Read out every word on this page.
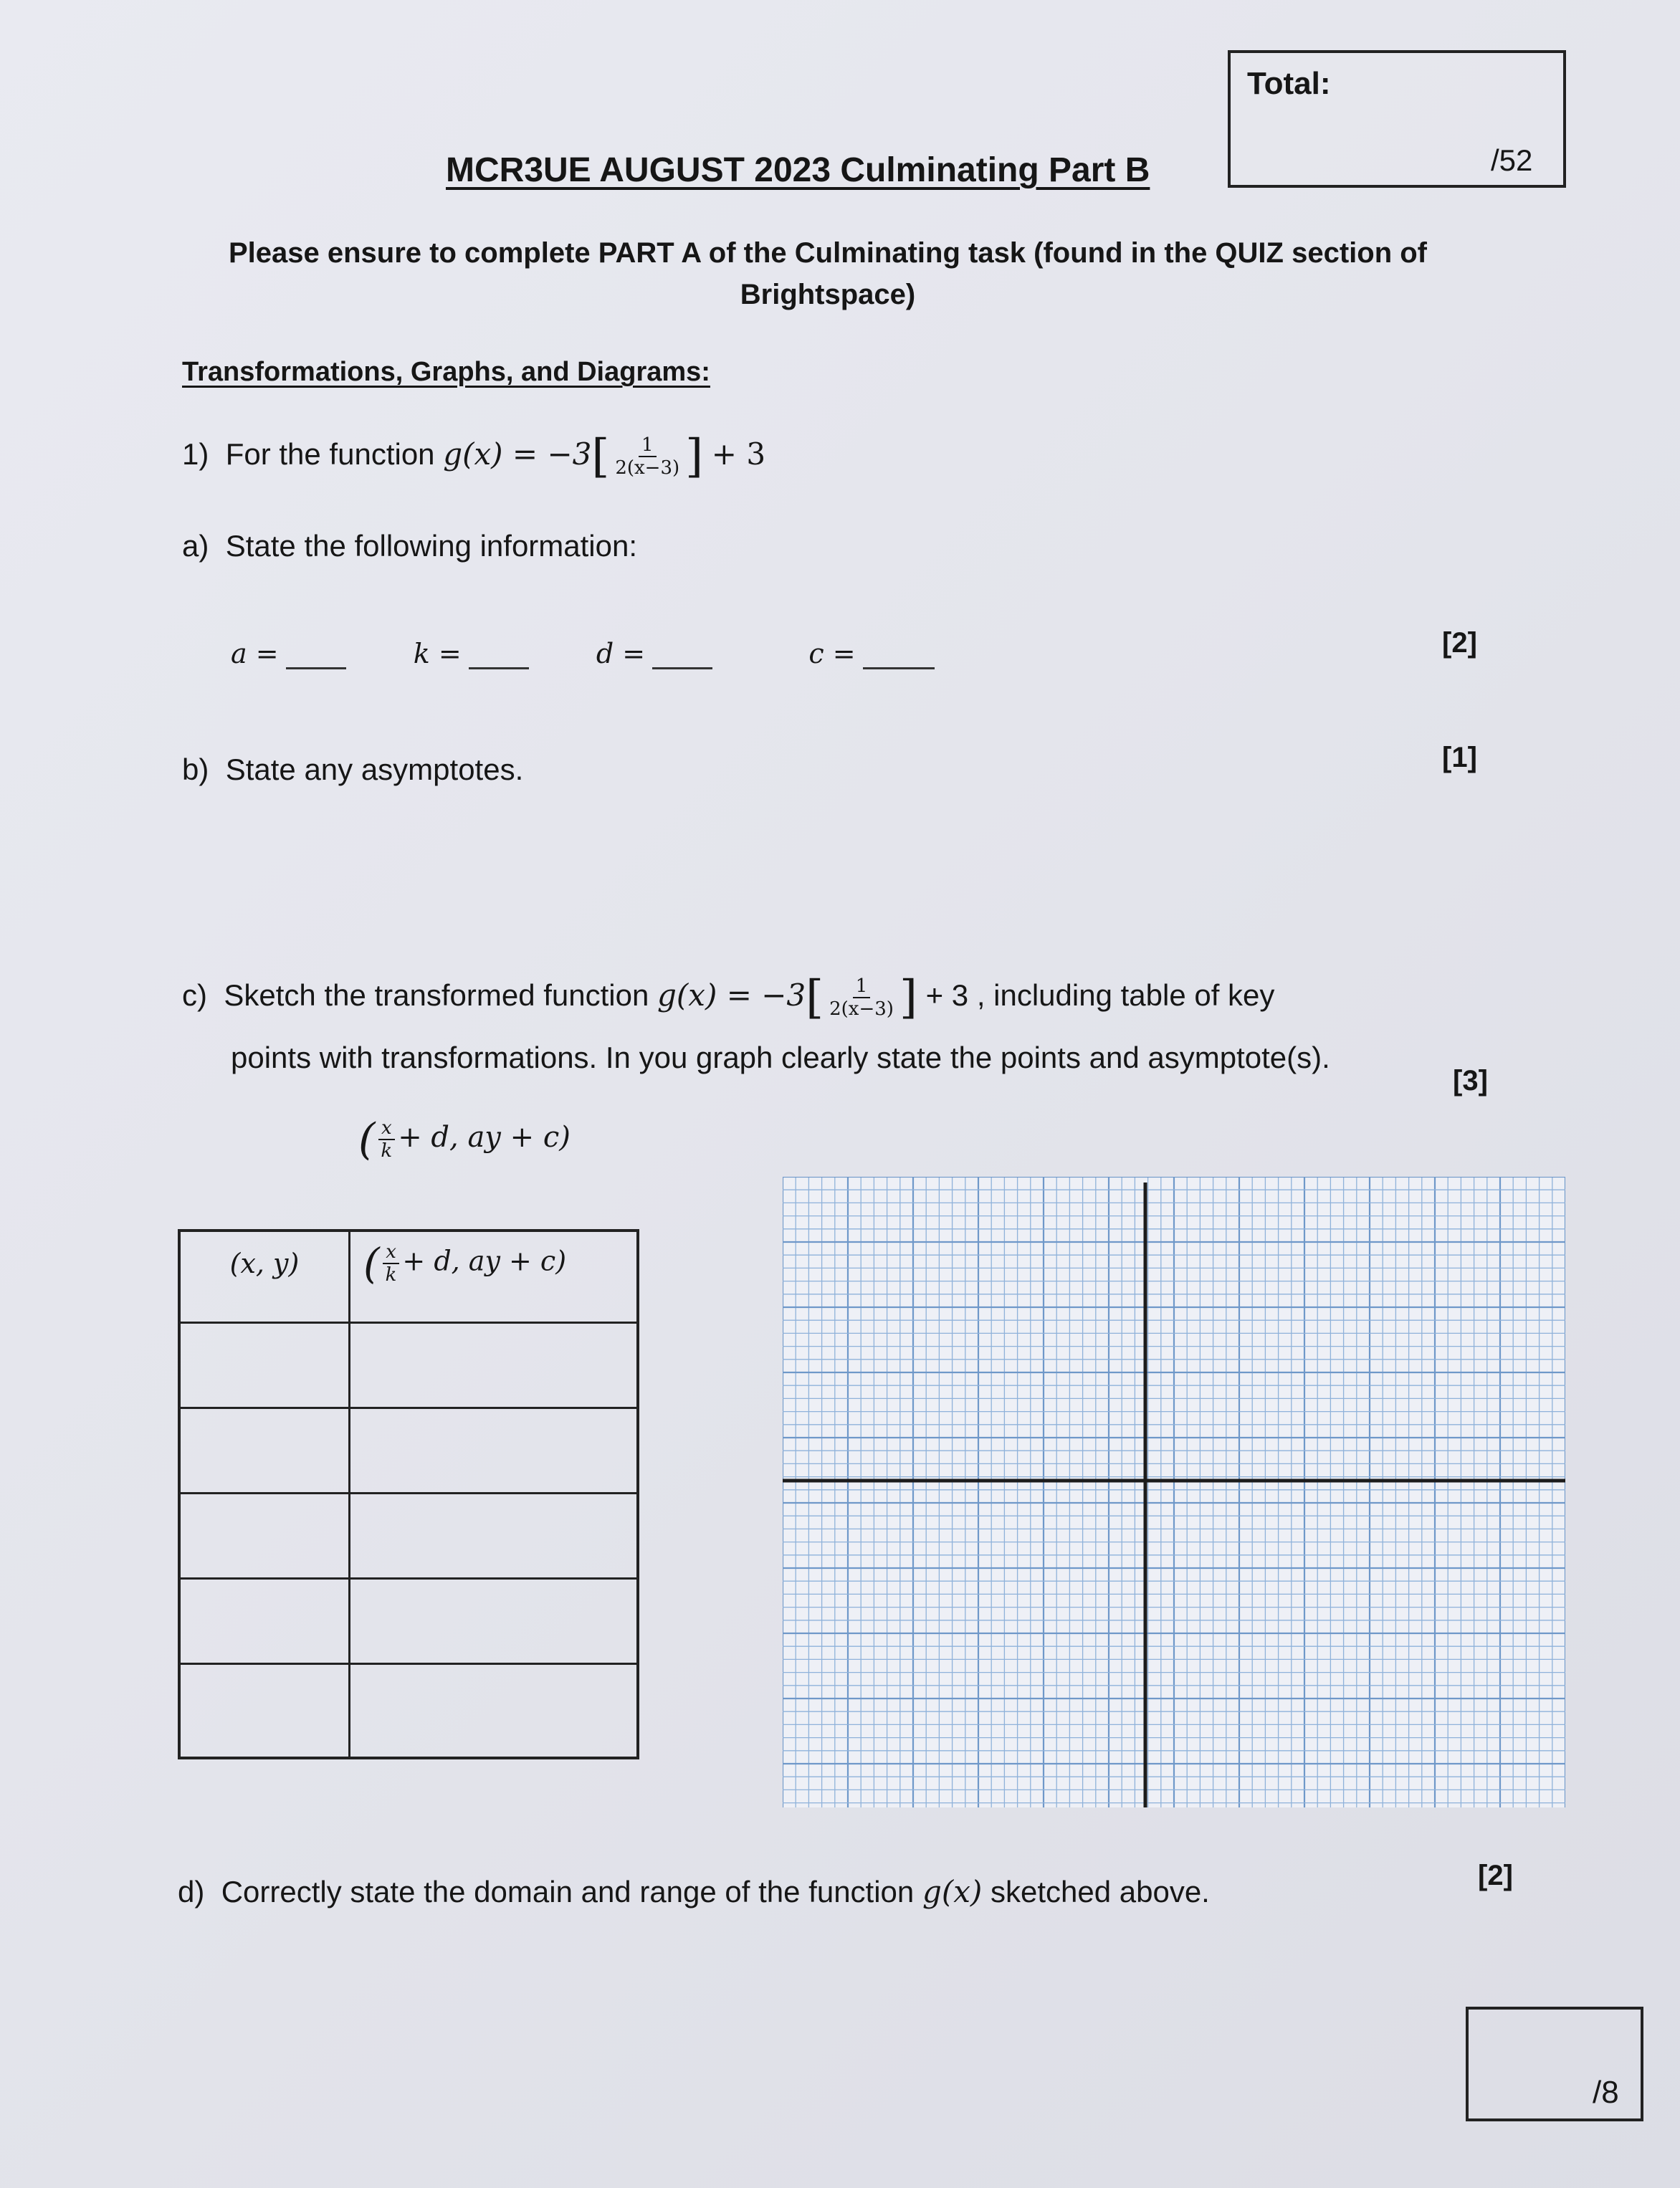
Total:
/52
MCR3UE AUGUST 2023 Culminating Part B
Please ensure to complete PART A of the Culminating task (found in the QUIZ section of Brightspace)
Transformations, Graphs, and Diagrams:
1) For the function $g(x) = -3[ \frac{1}{2(x-3)}$ ] + 3
a) State the following information:
a =	k =	d =	c =	[2]
b) State any asymptotes.	[1]
c) Sketch the transformed function $g(x) = -3[ \frac{1}{2(x-3)}$ ] + 3 , including table of key
points with transformations. In you graph clearly state the points and asymptote(s).
[3]
( $\frac{x}{k} + d$, ay + c)
(x, y)	( $\frac{x}{k} + d$, ay + c)

d) Correctly state the domain and range of the function g(x) sketched above.	[2]
/8
